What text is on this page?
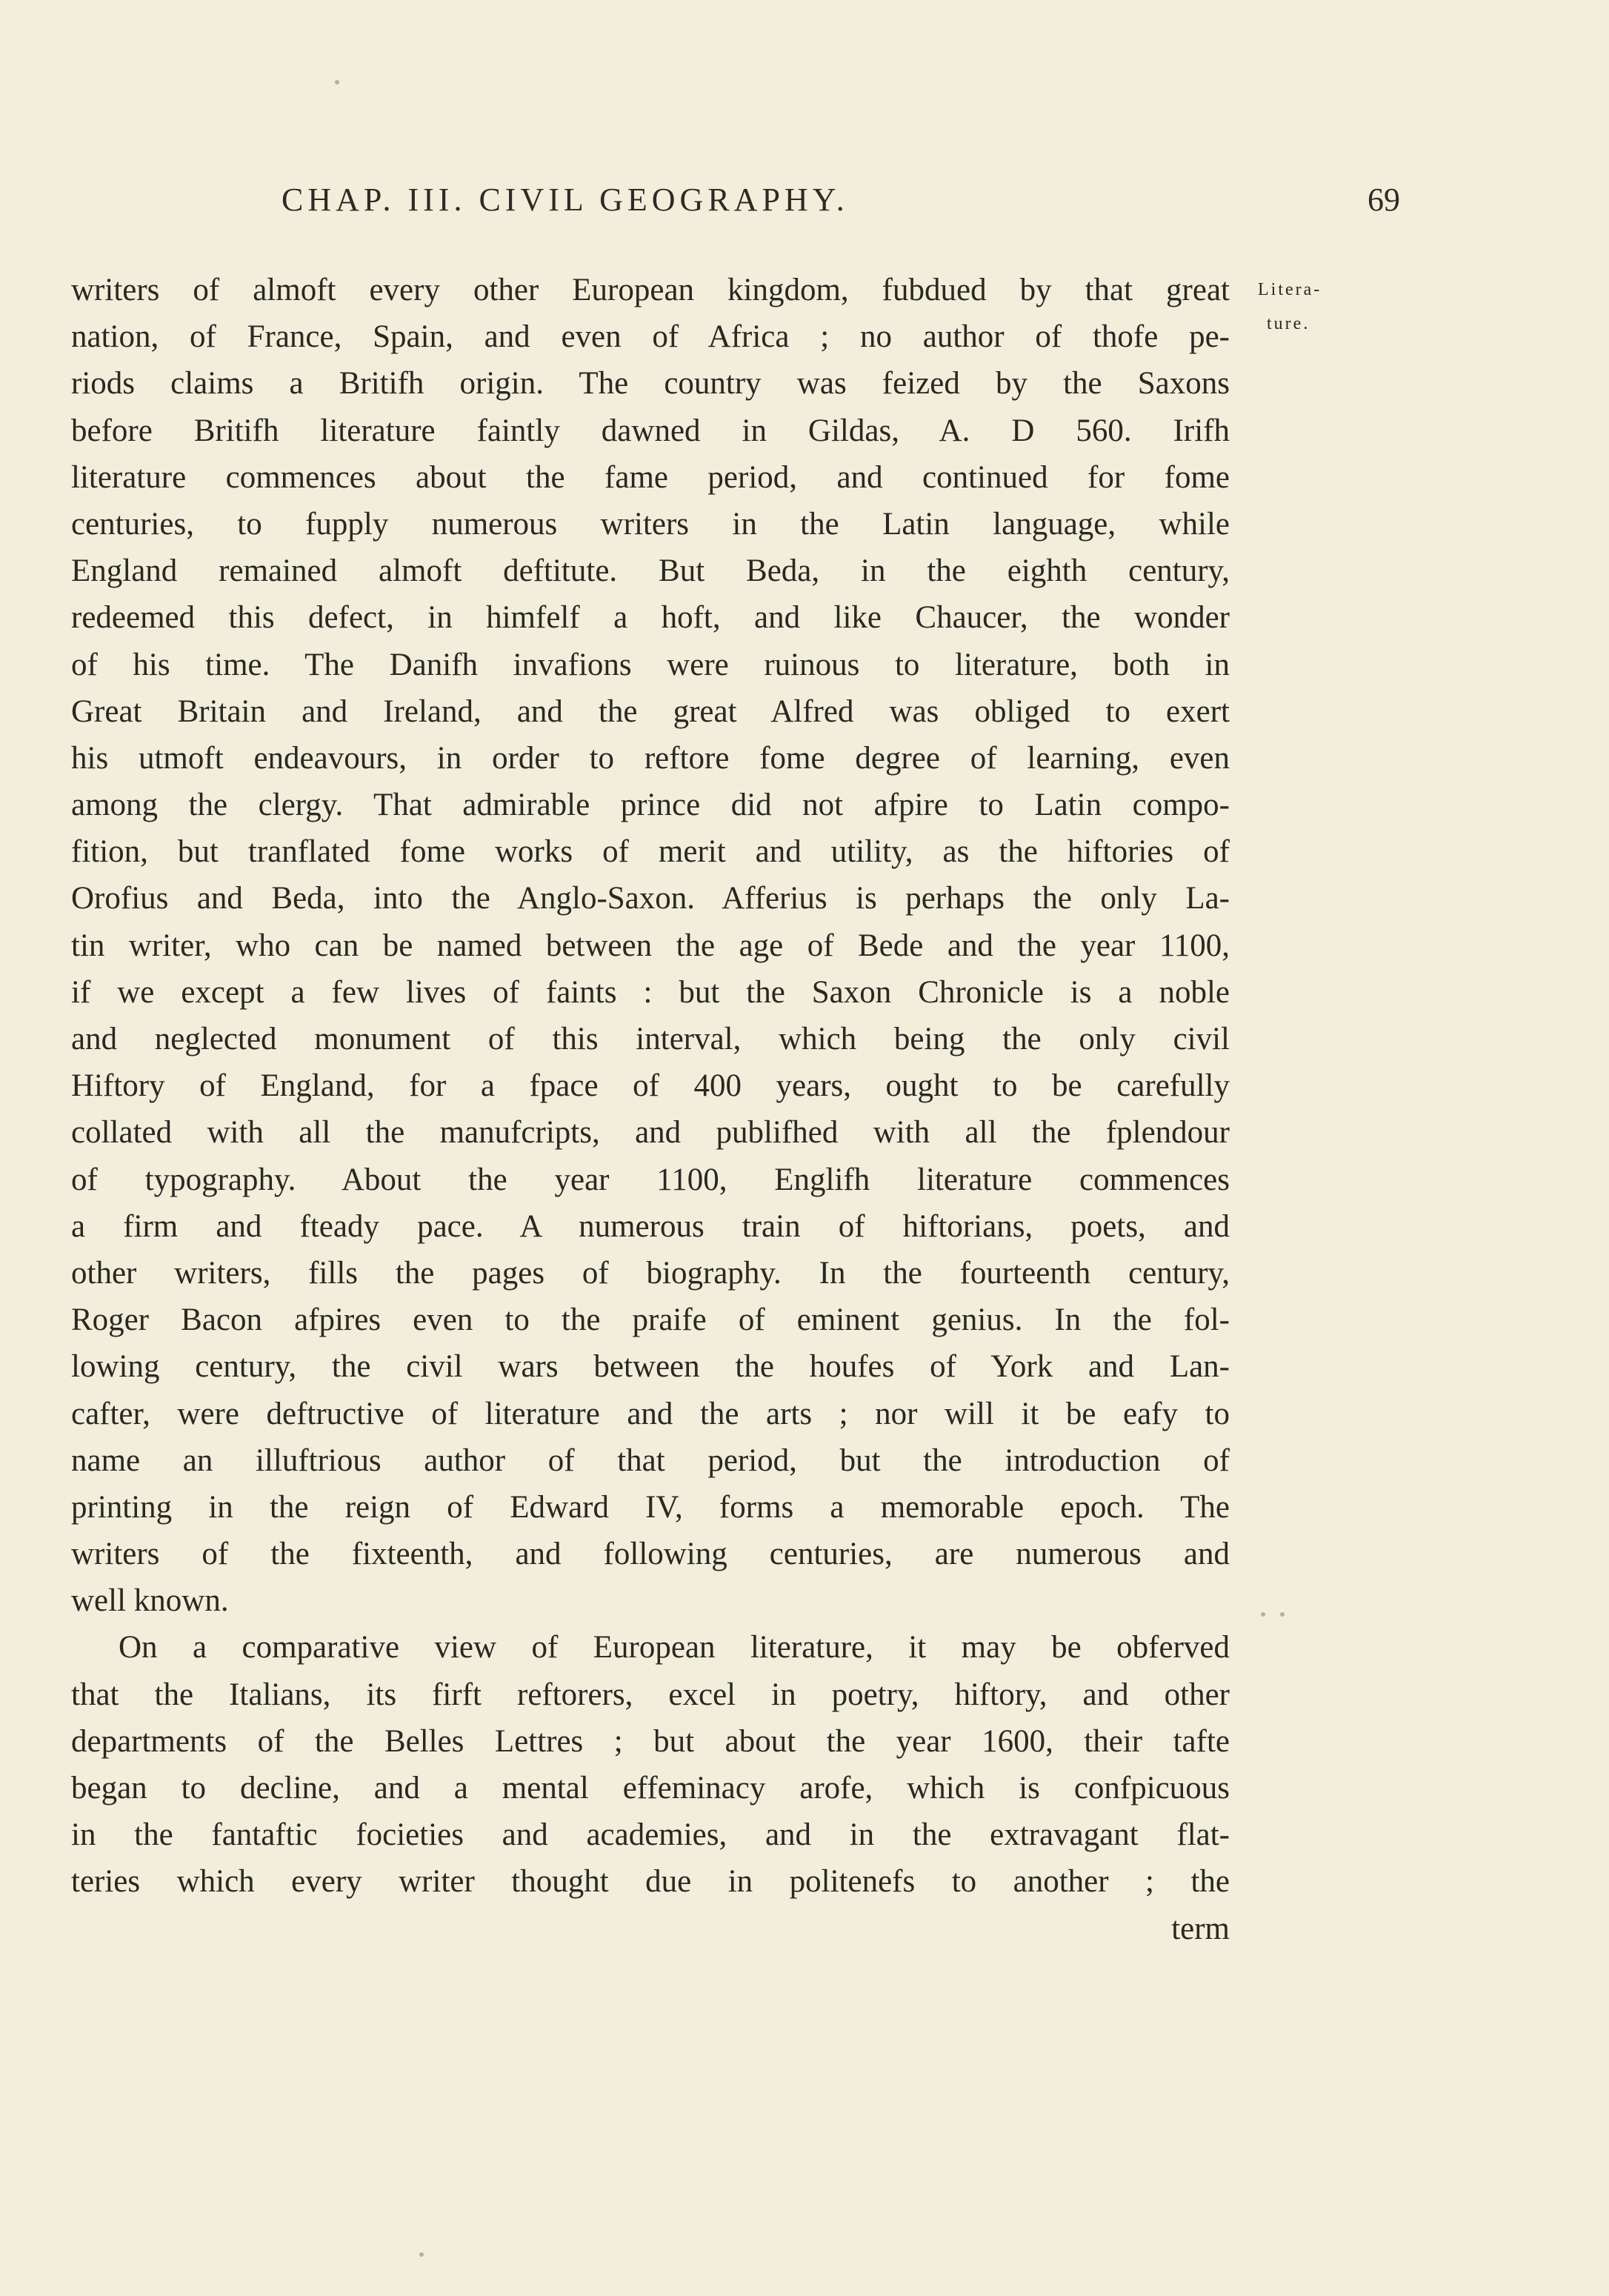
CHAP. III. CIVIL GEOGRAPHY.	69
Litera-
ture.
writers of almoft every other European kingdom, fubdued by that great
nation, of France, Spain, and even of Africa ; no author of thofe pe-
riods claims a Britifh origin. The country was feized by the Saxons
before Britifh literature faintly dawned in Gildas, A. D 560. Irifh
literature commences about the fame period, and continued for fome
centuries, to fupply numerous writers in the Latin language, while
England remained almoft deftitute. But Beda, in the eighth century,
redeemed this defect, in himfelf a hoft, and like Chaucer, the wonder
of his time. The Danifh invafions were ruinous to literature, both in
Great Britain and Ireland, and the great Alfred was obliged to exert
his utmoft endeavours, in order to reftore fome degree of learning, even
among the clergy. That admirable prince did not afpire to Latin compo-
fition, but tranflated fome works of merit and utility, as the hiftories of
Orofius and Beda, into the Anglo-Saxon. Afferius is perhaps the only La-
tin writer, who can be named between the age of Bede and the year 1100,
if we except a few lives of faints : but the Saxon Chronicle is a noble
and neglected monument of this interval, which being the only civil
Hiftory of England, for a fpace of 400 years, ought to be carefully
collated with all the manufcripts, and publifhed with all the fplendour
of typography. About the year 1100, Englifh literature commences
a firm and fteady pace. A numerous train of hiftorians, poets, and
other writers, fills the pages of biography. In the fourteenth century,
Roger Bacon afpires even to the praife of eminent genius. In the fol-
lowing century, the civil wars between the houfes of York and Lan-
cafter, were deftructive of literature and the arts ; nor will it be eafy to
name an illuftrious author of that period, but the introduction of
printing in the reign of Edward IV, forms a memorable epoch. The
writers of the fixteenth, and following centuries, are numerous and
well known.
On a comparative view of European literature, it may be obferved
that the Italians, its firft reftorers, excel in poetry, hiftory, and other
departments of the Belles Lettres ; but about the year 1600, their tafte
began to decline, and a mental effeminacy arofe, which is confpicuous
in the fantaftic focieties and academies, and in the extravagant flat-
teries which every writer thought due in politenefs to another ; the
term
